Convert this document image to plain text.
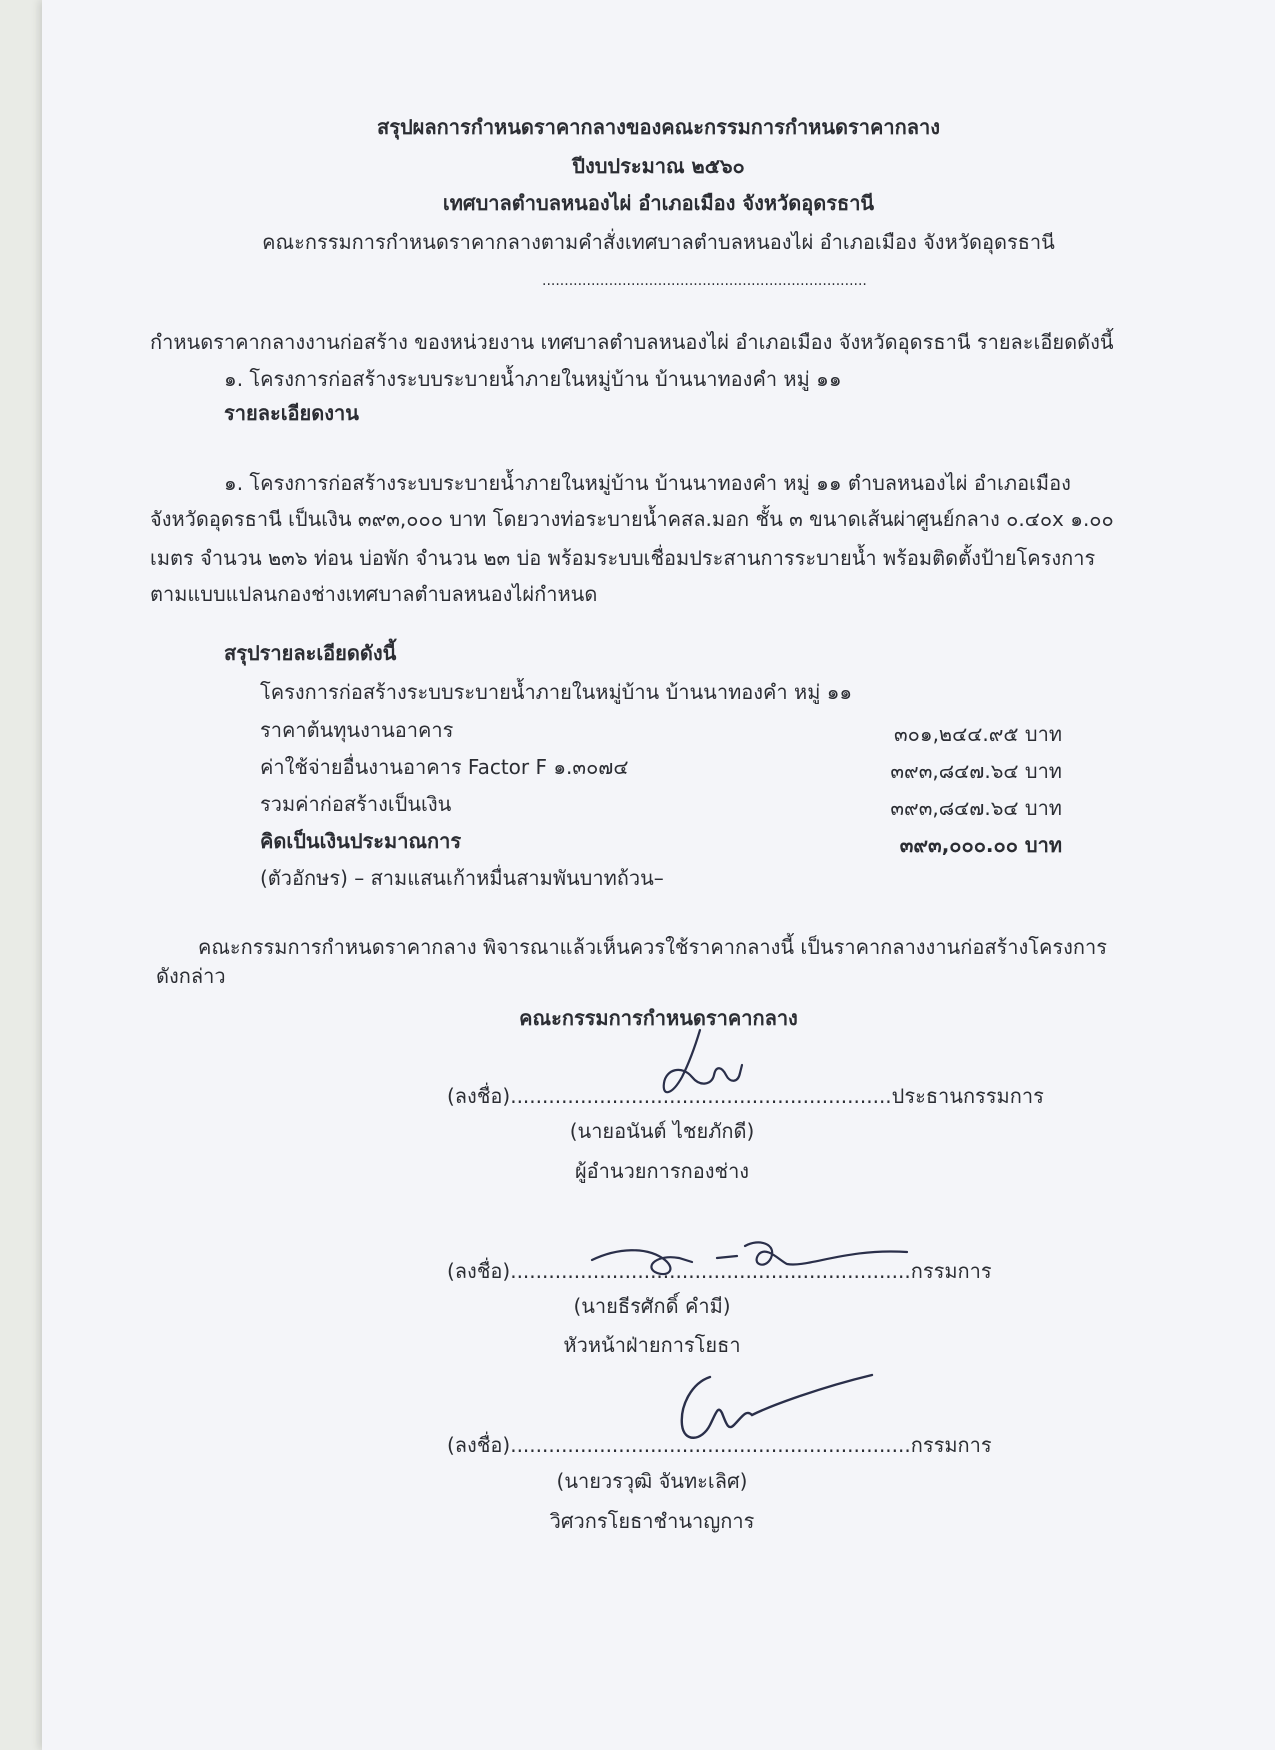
สรุปผลการกำหนดราคากลางของคณะกรรมการกำหนดราคากลาง
ปีงบประมาณ ๒๕๖๐
เทศบาลตำบลหนองไผ่ อำเภอเมือง จังหวัดอุดรธานี
คณะกรรมการกำหนดราคากลางตามคำสั่งเทศบาลตำบลหนองไผ่ อำเภอเมือง จังหวัดอุดรธานี
.........................................................................
กำหนดราคากลางงานก่อสร้าง ของหน่วยงาน เทศบาลตำบลหนองไผ่ อำเภอเมือง จังหวัดอุดรธานี รายละเอียดดังนี้
๑. โครงการก่อสร้างระบบระบายน้ำภายในหมู่บ้าน บ้านนาทองคำ หมู่ ๑๑
รายละเอียดงาน
๑. โครงการก่อสร้างระบบระบายน้ำภายในหมู่บ้าน บ้านนาทองคำ หมู่ ๑๑ ตำบลหนองไผ่ อำเภอเมือง
จังหวัดอุดรธานี เป็นเงิน ๓๙๓,๐๐๐ บาท โดยวางท่อระบายน้ำคสล.มอก ชั้น ๓ ขนาดเส้นผ่าศูนย์กลาง ๐.๔๐x ๑.๐๐
เมตร จำนวน ๒๓๖ ท่อน บ่อพัก จำนวน ๒๓ บ่อ พร้อมระบบเชื่อมประสานการระบายน้ำ พร้อมติดตั้งป้ายโครงการ
ตามแบบแปลนกองช่างเทศบาลตำบลหนองไผ่กำหนด
สรุปรายละเอียดดังนี้
โครงการก่อสร้างระบบระบายน้ำภายในหมู่บ้าน บ้านนาทองคำ หมู่ ๑๑
ราคาต้นทุนงานอาคาร	๓๐๑,๒๔๔.๙๕ บาท
ค่าใช้จ่ายอื่นงานอาคาร Factor F ๑.๓๐๗๔	๓๙๓,๘๔๗.๖๔ บาท
รวมค่าก่อสร้างเป็นเงิน	๓๙๓,๘๔๗.๖๔ บาท
คิดเป็นเงินประมาณการ	๓๙๓,๐๐๐.๐๐ บาท
(ตัวอักษร) – สามแสนเก้าหมื่นสามพันบาทถ้วน–
คณะกรรมการกำหนดราคากลาง พิจารณาแล้วเห็นควรใช้ราคากลางนี้ เป็นราคากลางงานก่อสร้างโครงการ
ดังกล่าว
คณะกรรมการกำหนดราคากลาง
(ลงชื่อ)............................................................ประธานกรรมการ
(นายอนันต์ ไชยภักดี)
ผู้อำนวยการกองช่าง
(ลงชื่อ)...............................................................กรรมการ
(นายธีรศักดิ์ คำมี)
หัวหน้าฝ่ายการโยธา
(ลงชื่อ)...............................................................กรรมการ
(นายวรวุฒิ จันทะเลิศ)
วิศวกรโยธาชำนาญการ
